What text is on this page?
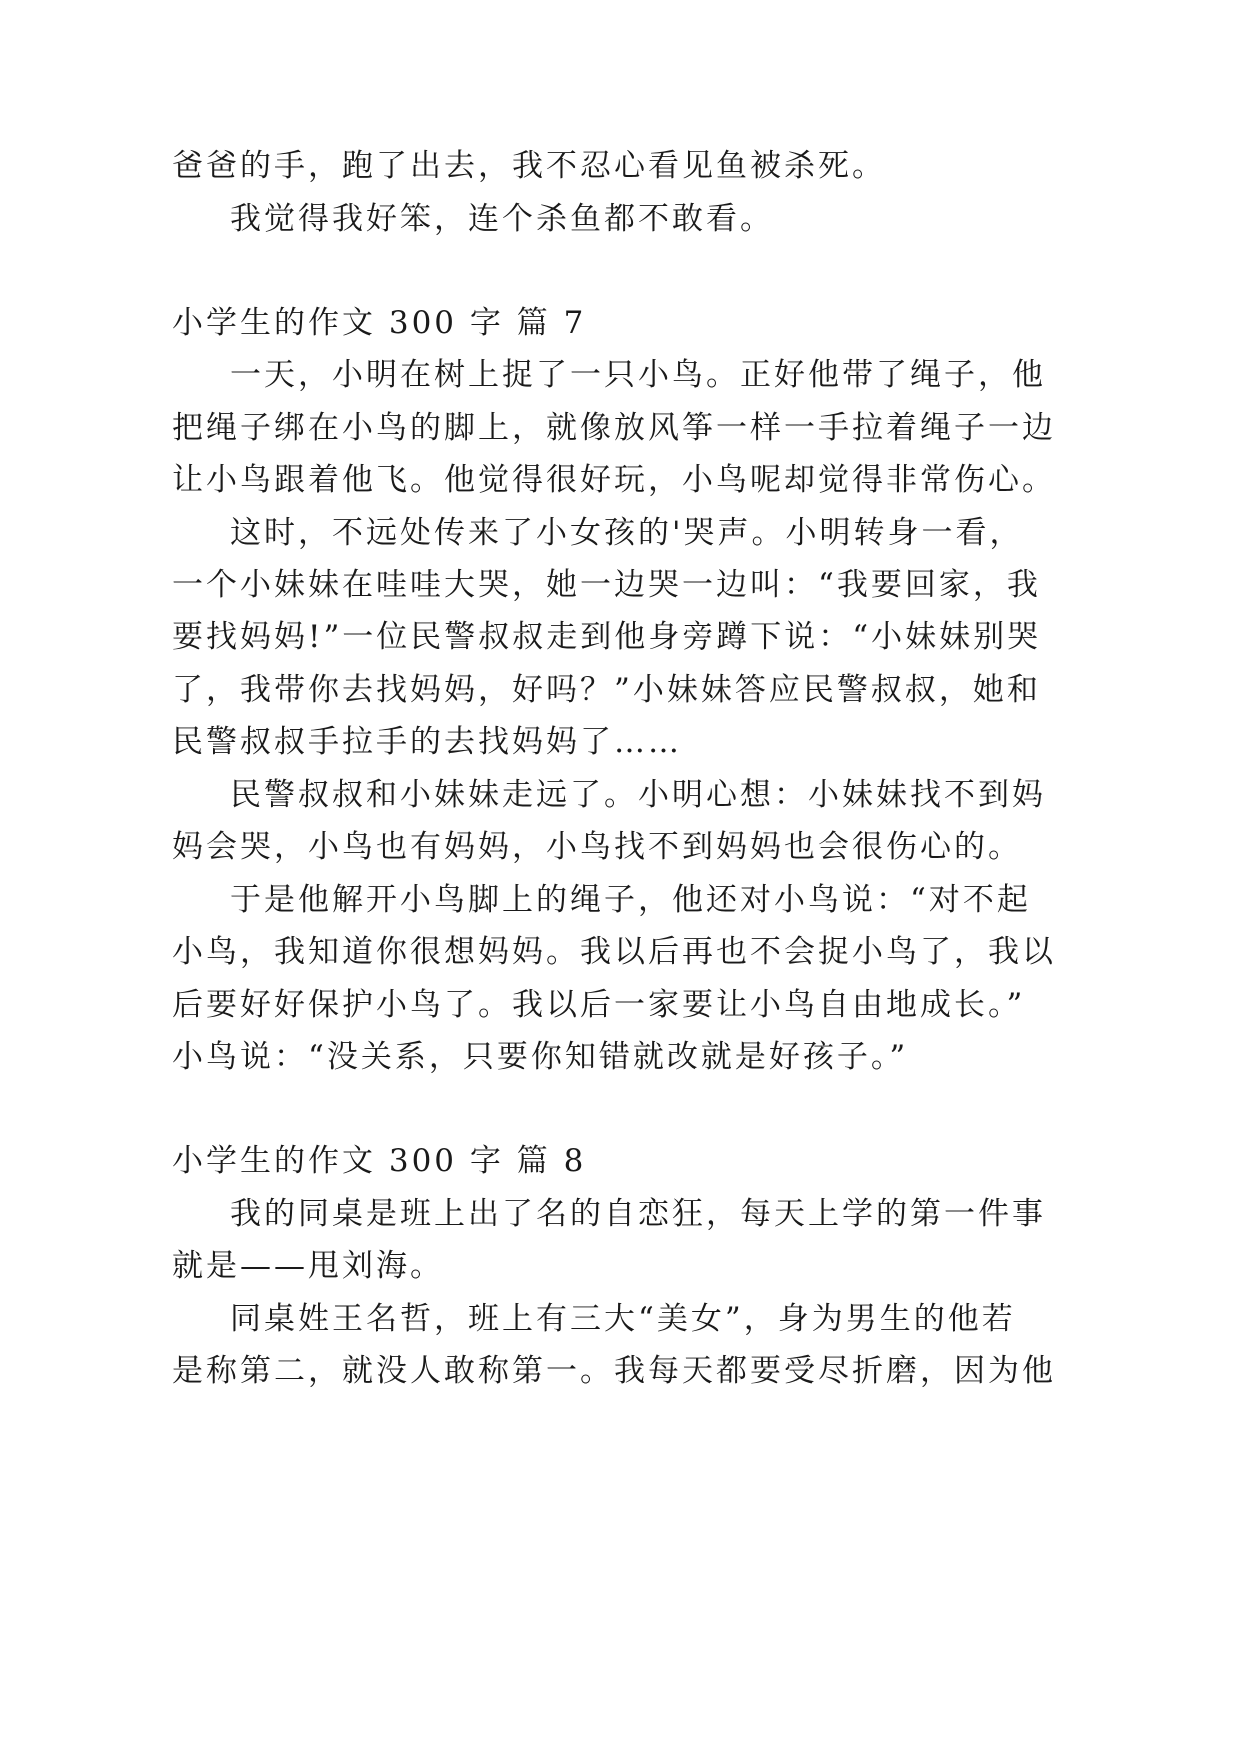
爸爸的手，跑了出去，我不忍心看见鱼被杀死。
我觉得我好笨，连个杀鱼都不敢看。
小学生的作文 300 字 篇 7
一天，小明在树上捉了一只小鸟。正好他带了绳子，他
把绳子绑在小鸟的脚上，就像放风筝一样一手拉着绳子一边
让小鸟跟着他飞。他觉得很好玩，小鸟呢却觉得非常伤心。
这时，不远处传来了小女孩的'哭声。小明转身一看，
一个小妹妹在哇哇大哭，她一边哭一边叫：“我要回家，我
要找妈妈!”一位民警叔叔走到他身旁蹲下说：“小妹妹别哭
了，我带你去找妈妈，好吗？”小妹妹答应民警叔叔，她和
民警叔叔手拉手的去找妈妈了……
民警叔叔和小妹妹走远了。小明心想：小妹妹找不到妈
妈会哭，小鸟也有妈妈，小鸟找不到妈妈也会很伤心的。
于是他解开小鸟脚上的绳子，他还对小鸟说：“对不起
小鸟，我知道你很想妈妈。我以后再也不会捉小鸟了，我以
后要好好保护小鸟了。我以后一家要让小鸟自由地成长。”
小鸟说：“没关系，只要你知错就改就是好孩子。”
小学生的作文 300 字 篇 8
我的同桌是班上出了名的自恋狂，每天上学的第一件事
就是——甩刘海。
同桌姓王名哲，班上有三大“美女”，身为男生的他若
是称第二，就没人敢称第一。我每天都要受尽折磨，因为他
